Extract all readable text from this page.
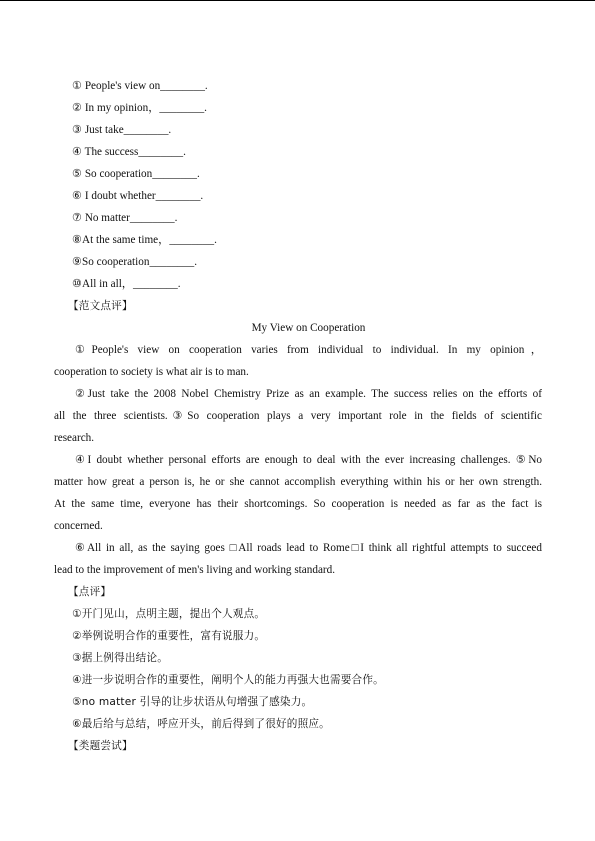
① People's view on________.
② In my opinion，________.
③ Just take________.
④ The success________.
⑤ So cooperation________.
⑥ I doubt whether________.
⑦ No matter________.
⑧At the same time，________.
⑨So cooperation________.
⑩All in all，________.
【范文点评】
My View on Cooperation
①People's view on cooperation varies from individual to individual. In my opinion，
cooperation to society is what air is to man.
②Just take the 2008 Nobel Chemistry Prize as an example. The success relies on the efforts of
all the three scientists.③So cooperation plays a very important role in the fields of scientific
research.
④I doubt whether personal efforts are enough to deal with the ever increasing challenges. ⑤No
matter how great a person is, he or she cannot accomplish everything within his or her own strength.
At the same time, everyone has their shortcomings. So cooperation is needed as far as the fact is
concerned.
⑥All in all, as the saying goes □All roads lead to Rome□I think all rightful attempts to succeed
lead to the improvement of men's living and working standard.
【点评】
①开门见山，点明主题，提出个人观点。
②举例说明合作的重要性，富有说服力。
③据上例得出结论。
④进一步说明合作的重要性，阐明个人的能力再强大也需要合作。
⑤no matter 引导的让步状语从句增强了感染力。
⑥最后给与总结，呼应开头，前后得到了很好的照应。
【类题尝试】
